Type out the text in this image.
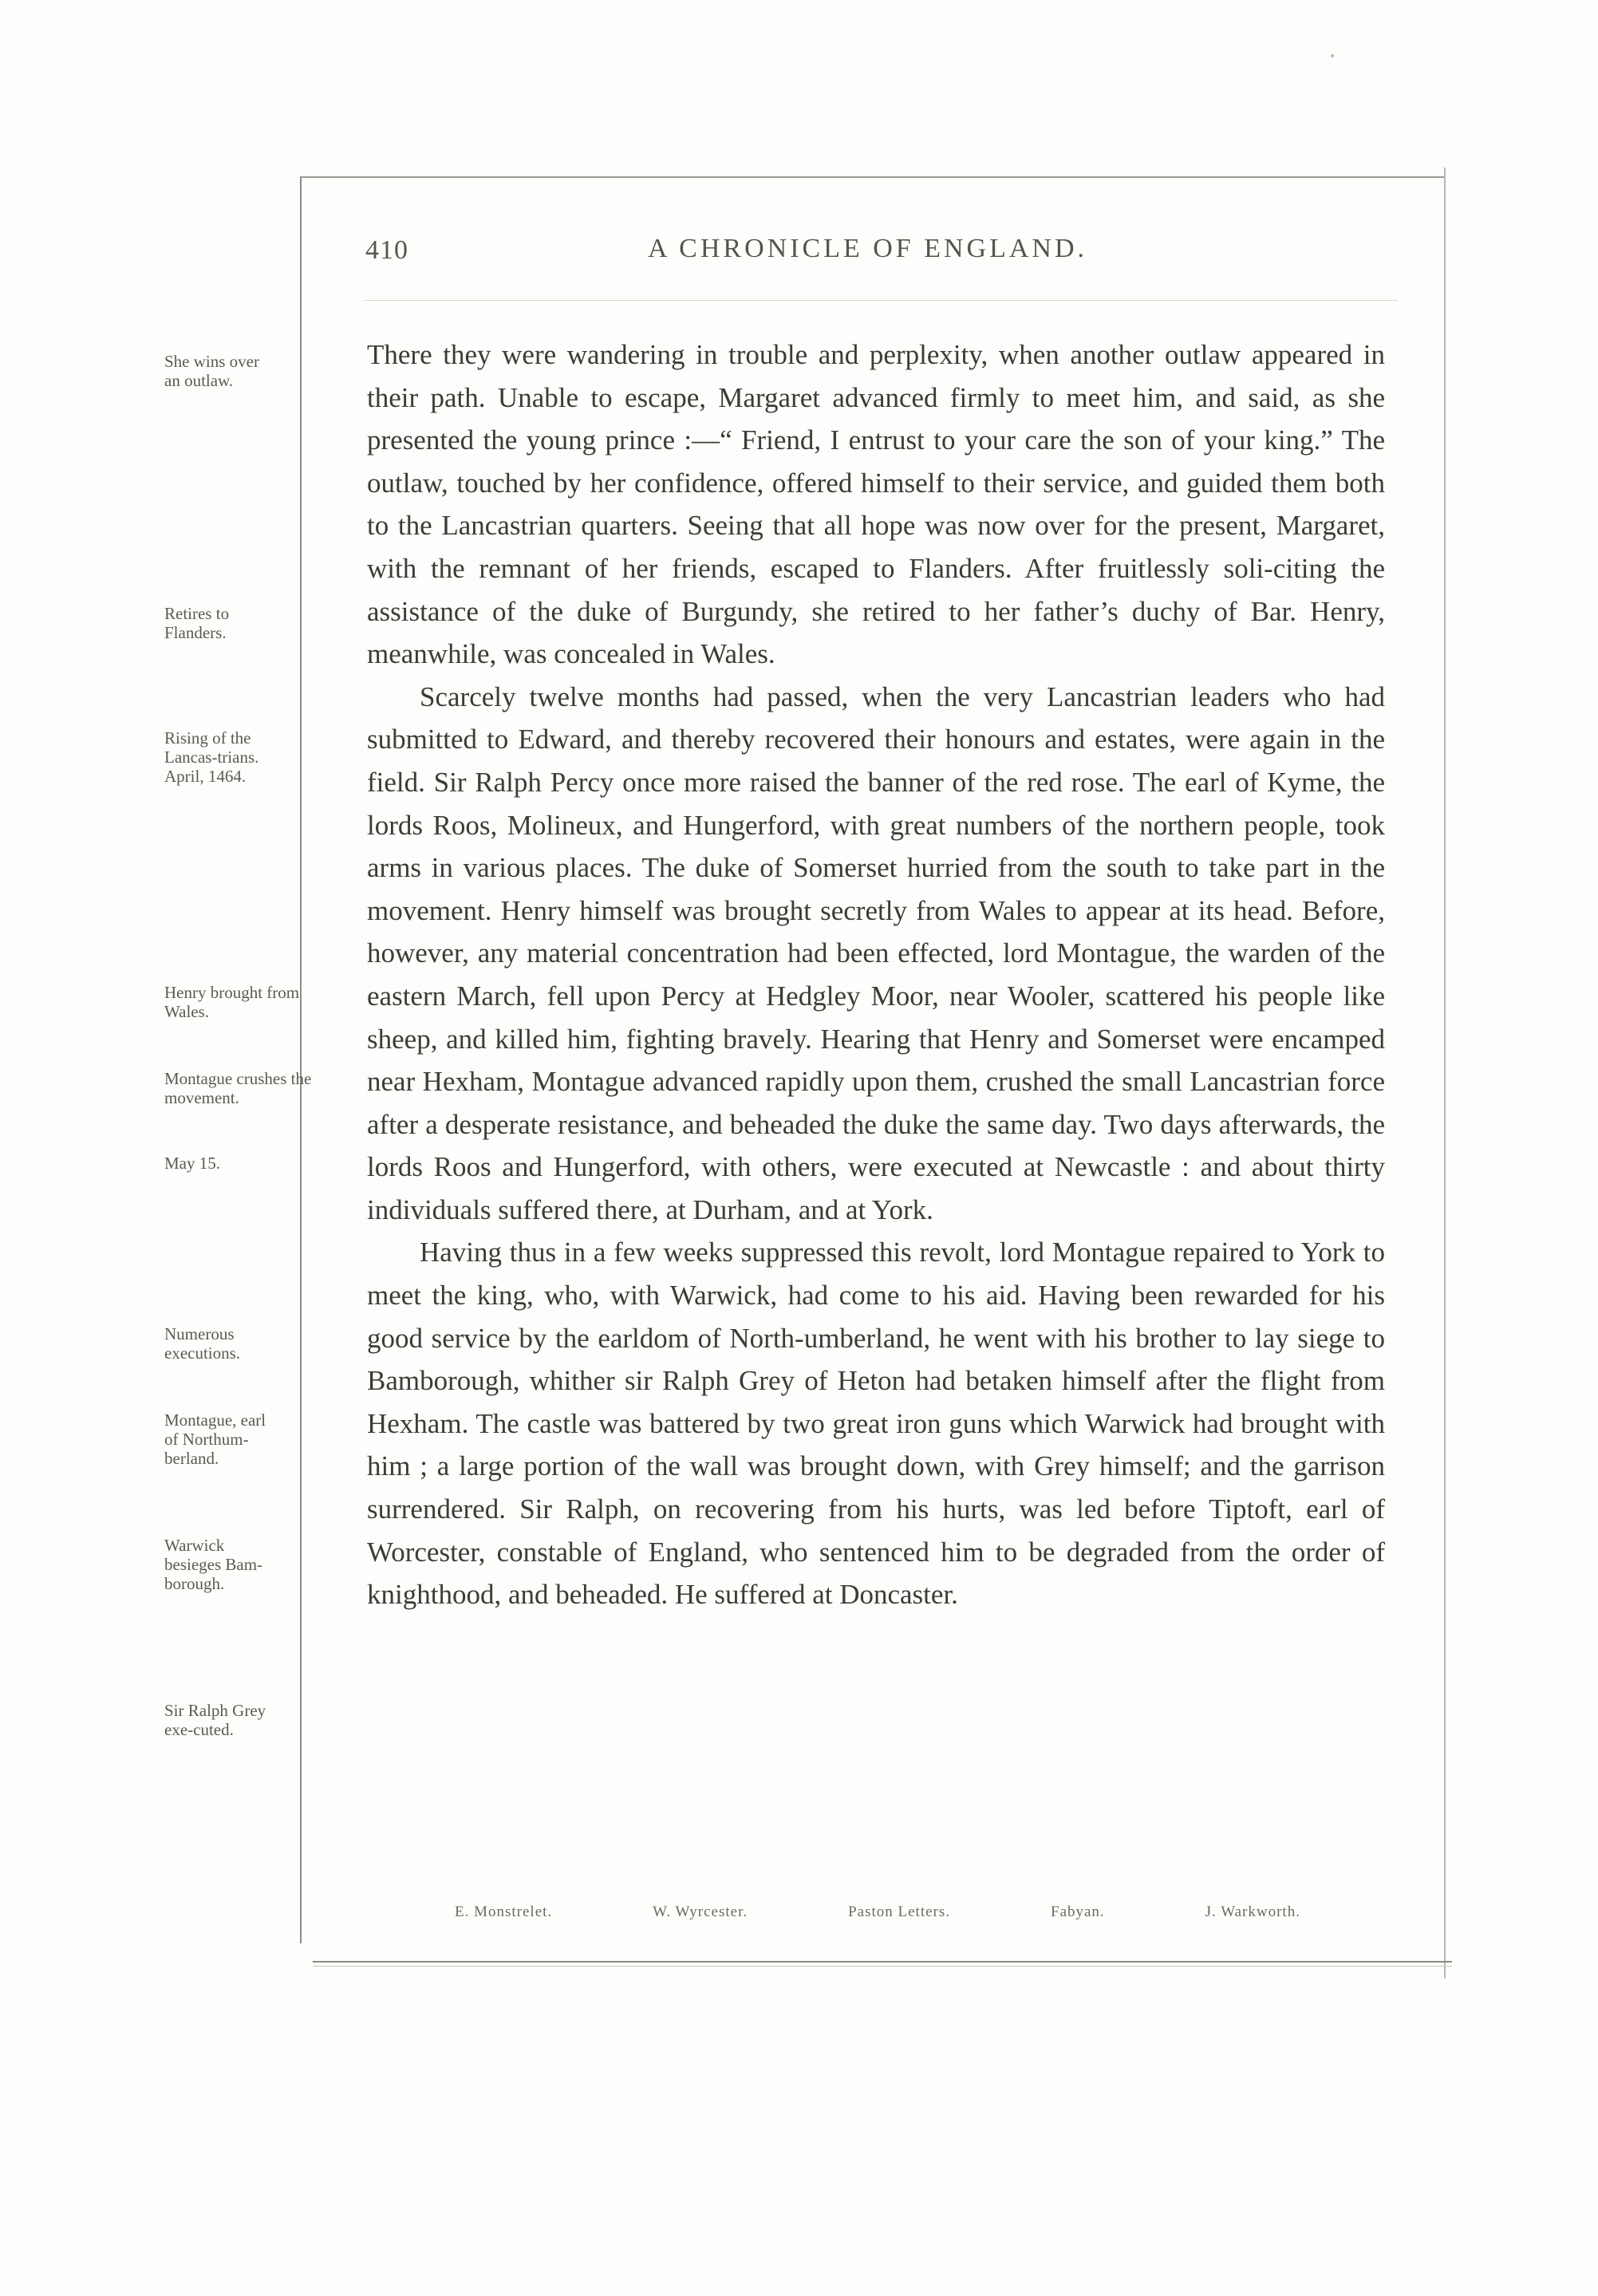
410	A CHRONICLE OF ENGLAND.
She wins over an outlaw.
Retires to Flanders.
Rising of the Lancas-trians. April, 1464.
Henry brought from Wales.
Montague crushes the movement.
May 15.
Numerous executions.
Montague, earl of Northum-berland.
Warwick besieges Bam-borough.
Sir Ralph Grey exe-cuted.

There they were wandering in trouble and perplexity, when another outlaw appeared in their path. Unable to escape, Margaret advanced firmly to meet him, and said, as she presented the young prince :—“ Friend, I entrust to your care the son of your king.” The outlaw, touched by her confidence, offered himself to their service, and guided them both to the Lancastrian quarters. Seeing that all hope was now over for the present, Margaret, with the remnant of her friends, escaped to Flanders. After fruitlessly soli-citing the assistance of the duke of Burgundy, she retired to her father’s duchy of Bar. Henry, meanwhile, was concealed in Wales.

Scarcely twelve months had passed, when the very Lancastrian leaders who had submitted to Edward, and thereby recovered their honours and estates, were again in the field. Sir Ralph Percy once more raised the banner of the red rose. The earl of Kyme, the lords Roos, Molineux, and Hungerford, with great numbers of the northern people, took arms in various places. The duke of Somerset hurried from the south to take part in the movement. Henry himself was brought secretly from Wales to appear at its head. Before, however, any material concentration had been effected, lord Montague, the warden of the eastern March, fell upon Percy at Hedgley Moor, near Wooler, scattered his people like sheep, and killed him, fighting bravely. Hearing that Henry and Somerset were encamped near Hexham, Montague advanced rapidly upon them, crushed the small Lancastrian force after a desperate resistance, and beheaded the duke the same day. Two days afterwards, the lords Roos and Hungerford, with others, were executed at Newcastle : and about thirty individuals suffered there, at Durham, and at York.

Having thus in a few weeks suppressed this revolt, lord Montague repaired to York to meet the king, who, with Warwick, had come to his aid. Having been rewarded for his good service by the earldom of North-umberland, he went with his brother to lay siege to Bamborough, whither sir Ralph Grey of Heton had betaken himself after the flight from Hexham. The castle was battered by two great iron guns which Warwick had brought with him ; a large portion of the wall was brought down, with Grey himself; and the garrison surrendered. Sir Ralph, on recovering from his hurts, was led before Tiptoft, earl of Worcester, constable of England, who sentenced him to be degraded from the order of knighthood, and beheaded. He suffered at Doncaster.

E. Monstrelet.	W. Wyrcester.	Paston Letters.	Fabyan.	J. Warkworth.
